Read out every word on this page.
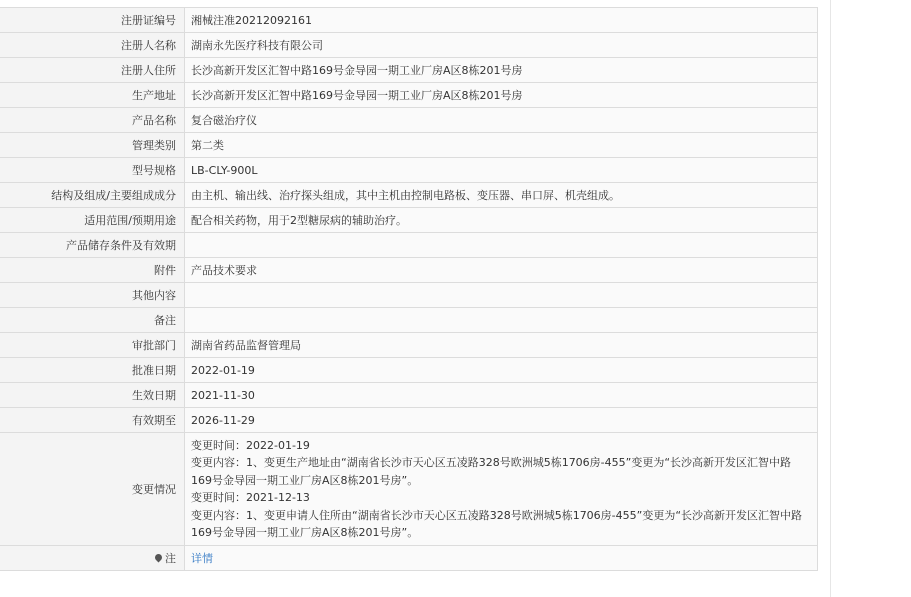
注册证编号	湘械注准20212092161
注册人名称	湖南永先医疗科技有限公司
注册人住所	长沙高新开发区汇智中路169号金导园一期工业厂房A区8栋201号房
生产地址	长沙高新开发区汇智中路169号金导园一期工业厂房A区8栋201号房
产品名称	复合磁治疗仪
管理类别	第二类
型号规格	LB-CLY-900L
结构及组成/主要组成成分	由主机、输出线、治疗探头组成，其中主机由控制电路板、变压器、串口屏、机壳组成。
适用范围/预期用途	配合相关药物，用于2型糖尿病的辅助治疗。
产品储存条件及有效期	
附件	产品技术要求
其他内容	
备注	
审批部门	湖南省药品监督管理局
批准日期	2022-01-19
生效日期	2021-11-30
有效期至	2026-11-29
变更情况	变更时间：2022-01-19
变更内容：1、变更生产地址由“湖南省长沙市天心区五凌路328号欧洲城5栋1706房-455”变更为“长沙高新开发区汇智中路169号金导园一期工业厂房A区8栋201号房”。
变更时间：2021-12-13
变更内容：1、变更申请人住所由“湖南省长沙市天心区五凌路328号欧洲城5栋1706房-455”变更为“长沙高新开发区汇智中路169号金导园一期工业厂房A区8栋201号房”。

注	详情
